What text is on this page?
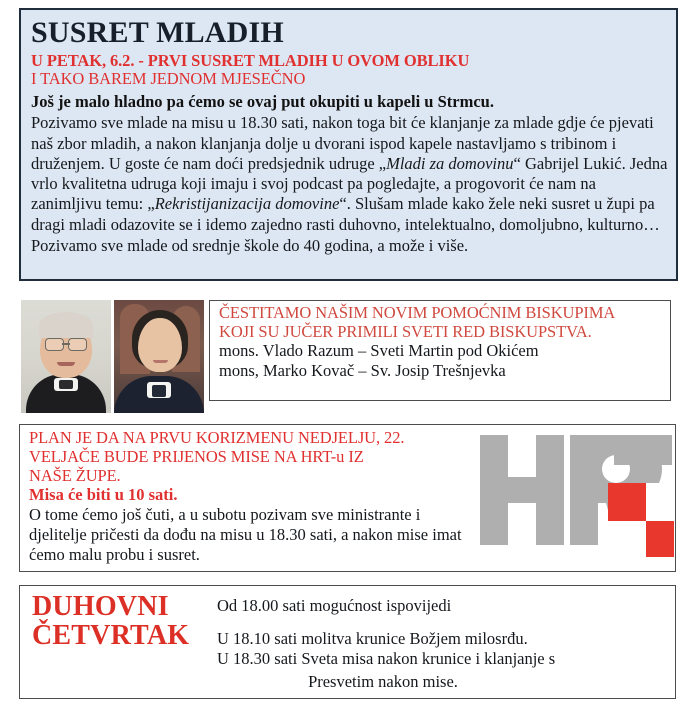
SUSRET MLADIH
U PETAK, 6.2. - PRVI SUSRET MLADIH U OVOM OBLIKU
I TAKO BAREM JEDNOM MJESEČNO
Još je malo hladno pa ćemo se ovaj put okupiti u kapeli u Strmcu.
Pozivamo sve mlade na misu u 18.30 sati, nakon toga bit će klanjanje za mlade gdje će pjevati naš zbor mladih, a nakon klanjanja dolje u dvorani ispod kapele nastavljamo s tribinom i druženjem. U goste će nam doći predsjednik udruge „Mladi za domovinu“ Gabrijel Lukić. Jedna vrlo kvalitetna udruga koji imaju i svoj podcast pa pogledajte, a progovorit će nam na zanimljivu temu: „Rekristijanizacija domovine“. Slušam mlade kako žele neki susret u župi pa dragi mladi odazovite se i idemo zajedno rasti duhovno, intelektualno, domoljubno, kulturno…
Pozivamo sve mlade od srednje škole do 40 godina, a može i više.
ČESTITAMO NAŠIM NOVIM POMOĆNIM BISKUPIMA
KOJI SU JUČER PRIMILI SVETI RED BISKUPSTVA.
mons. Vlado Razum – Sveti Martin pod Okićem
mons, Marko Kovač – Sv. Josip Trešnjevka
PLAN JE DA NA PRVU KORIZMENU NEDJELJU, 22.
VELJAČE BUDE PRIJENOS MISE NA HRT-u IZ
NAŠE ŽUPE.
Misa će biti u 10 sati.
O tome ćemo još čuti, a u subotu pozivam sve ministrante i djelitelje pričesti da dođu na misu u 18.30 sati, a nakon mise imat ćemo malu probu i susret.
DUHOVNI
ČETVRTAK
Od 18.00 sati mogućnost ispovijedi
U 18.10 sati molitva krunice Božjem milosrđu.
U 18.30 sati Sveta misa nakon krunice i klanjanje s
Presvetim nakon mise.
